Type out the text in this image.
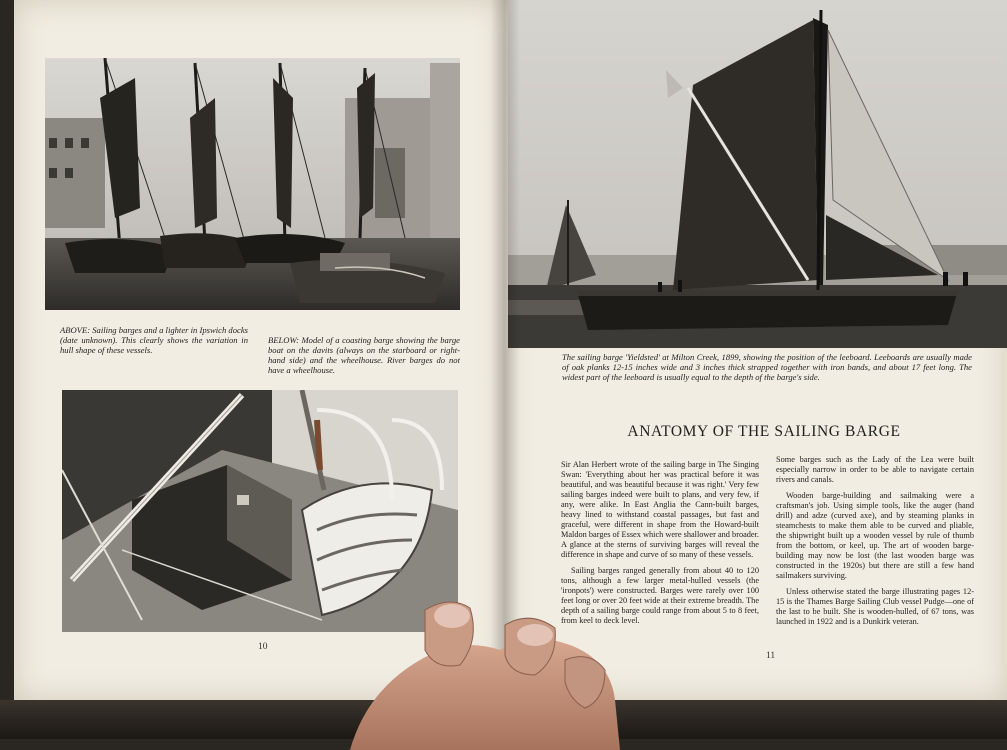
ABOVE: Sailing barges and a lighter in Ipswich docks (date unknown). This clearly shows the variation in hull shape of these vessels.
BELOW: Model of a coasting barge showing the barge boat on the davits (always on the starboard or right-hand side) and the wheelhouse. River barges do not have a wheelhouse.
10
The sailing barge 'Yieldsted' at Milton Creek, 1899, showing the position of the leeboard. Leeboards are usually made of oak planks 12-15 inches wide and 3 inches thick strapped together with iron bands, and about 17 feet long. The widest part of the leeboard is usually equal to the depth of the barge's side.
ANATOMY OF THE SAILING BARGE

Sir Alan Herbert wrote of the sailing barge in The Singing Swan: 'Everything about her was practical before it was beautiful, and was beautiful because it was right.' Very few sailing barges indeed were built to plans, and very few, if any, were alike. In East Anglia the Cann-built barges, heavy lined to withstand coastal passages, but fast and graceful, were different in shape from the Howard-built Maldon barges of Essex which were shallower and broader. A glance at the sterns of surviving barges will reveal the difference in shape and curve of so many of these vessels.

Sailing barges ranged generally from about 40 to 120 tons, although a few larger metal-hulled vessels (the 'ironpots') were constructed. Barges were rarely over 100 feet long or over 20 feet wide at their extreme breadth. The depth of a sailing barge could range from about 5 to 8 feet, from keel to deck level.

Some barges such as the Lady of the Lea were built especially narrow in order to be able to navigate certain rivers and canals.

Wooden barge-building and sailmaking were a craftsman's job. Using simple tools, like the auger (hand drill) and adze (curved axe), and by steaming planks in steamchests to make them able to be curved and pliable, the shipwright built up a wooden vessel by rule of thumb from the bottom, or keel, up. The art of wooden barge-building may now be lost (the last wooden barge was constructed in the 1920s) but there are still a few hand sailmakers surviving.

Unless otherwise stated the barge illustrating pages 12-15 is the Thames Barge Sailing Club vessel Pudge—one of the last to be built. She is wooden-hulled, of 67 tons, was launched in 1922 and is a Dunkirk veteran.

11
